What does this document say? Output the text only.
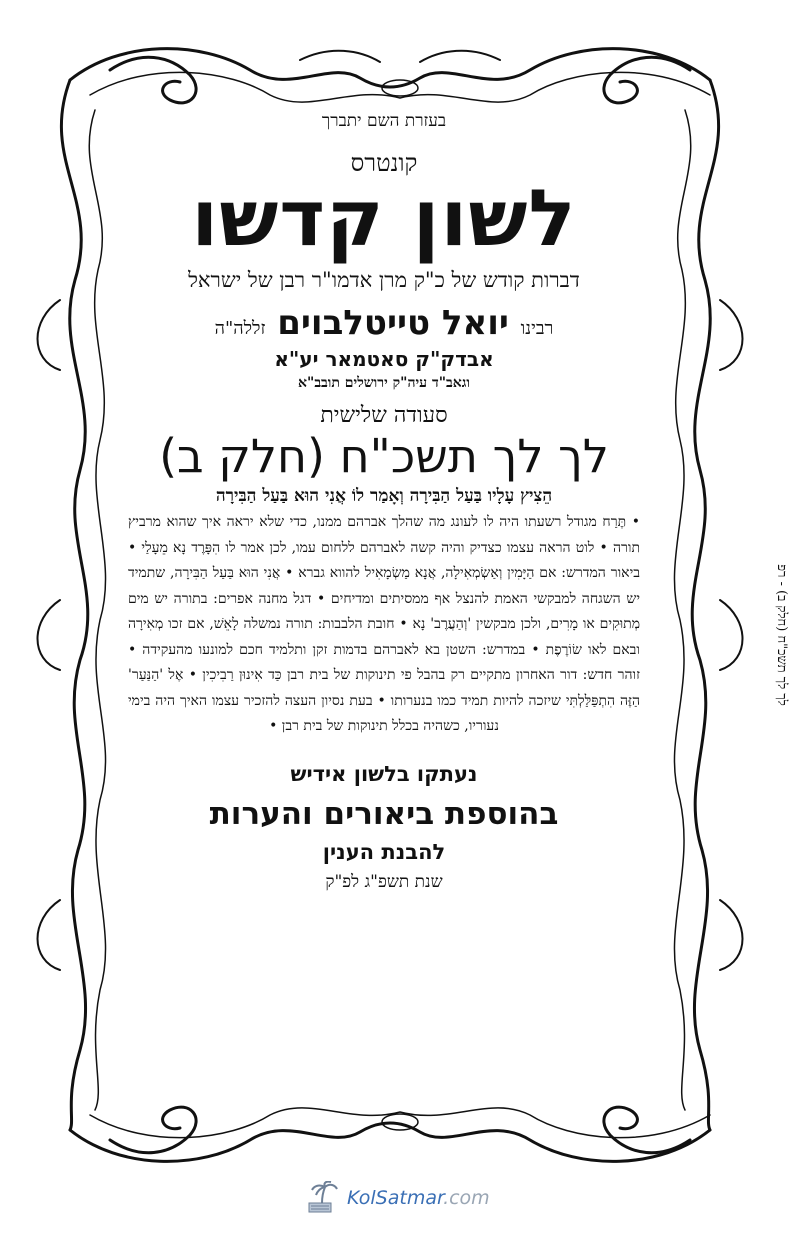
בעזרת השם יתברך
קונטרס
לשון קדשו
דברות קודש של כ"ק מרן אדמו"ר רבן של ישראל
רבינו יואל טייטלבוים זללה"ה
אבדק"ק סאטמאר יע"א
וגאב"ד עיה"ק ירושלים תובב"א
סעודה שלישית
לך לך תשכ"ח (חלק ב)
הֵצִיץ עָלָיו בַּעַל הַבִּירָה וְאָמַר לוֹ אֲנִי הוּא בַּעַל הַבִּירָה
• תֶּרַח מגודל רשעתו היה לו לעונג מה שהלך אברהם ממנו, כדי שלא יראה איך שהוא מרביץ תורה • לוט הראה עצמו כצדיק והיה קשה לאברהם ללחום עמו, לכן אמר לו הִפָּרֶד נָא מֵעָלַי • ביאור המדרש: אם הַיָּמִין וְאַשְׂמְאִילָה, אֲנָא מַשְׂמָאִיל להווא גברא • אֲנִי הוּא בַּעַל הַבִּירָה, שתמיד יש השגחה למבקשי האמת להנצל אף ממסיתים ומדיחים • דגל מחנה אפרים: בתורה יש מים מְתוּקִים או מָרִים, ולכן מבקשין 'וְהַעֲרֶב' נָא • חובת הלבבות: תורה נמשלה לָאֵשׁ, אם זכו מְאִירָה ובאם לאו שׂוֹרֶפֶת • במדרש: השטן בא לאברהם בדמות זקן ותלמיד חכם למונעו מהעקידה • זוהר חדש: דור האחרון מתקיים רק בהבל פי תינוקות של בית רבן כַּד אִינוּן רַבִיכִין • אֶל 'הַנַּעַר' הַזֶּה הִתְפַּלַּלְתִּי שיזכה להיות תמיד כמו בנערותו • בעת נסיון העצה להזכיר עצמו האיך היה בימי נעוריו, כשהיה בכלל תינוקות של בית רבן •
נעתקו בלשון אידיש
בהוספת ביאורים והערות
להבנת הענין
שנת תשפ"ג לפ"ק
לך לך תשכ"ח (חלק ב) - רפ
KolSatmar.com
